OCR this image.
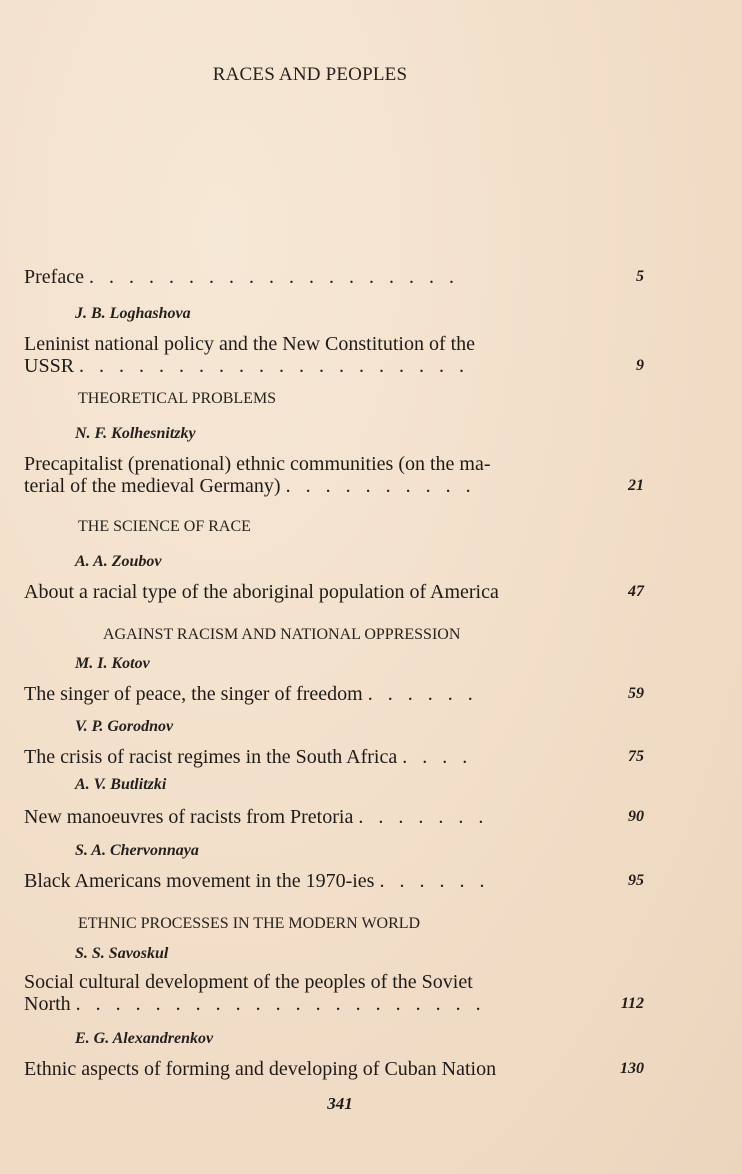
RACES AND PEOPLES
Preface . . . . . . . . . . . . . . . . . . .	5
J. B. Loghashova
Leninist national policy and the New Constitution of the
USSR . . . . . . . . . . . . . . . . . . . .	9
THEORETICAL PROBLEMS
N. F. Kolhesnitzky
Precapitalist (prenational) ethnic communities (on the ma-
terial of the medieval Germany) . . . . . . . . . .	21
THE SCIENCE OF RACE
A. A. Zoubov
About a racial type of the aboriginal population of America	47
AGAINST RACISM AND NATIONAL OPPRESSION
M. I. Kotov
The singer of peace, the singer of freedom . . . . . .	59
V. P. Gorodnov
The crisis of racist regimes in the South Africa . . . .	75
A. V. Butlitzki
New manoeuvres of racists from Pretoria . . . . . . .	90
S. A. Chervonnaya
Black Americans movement in the 1970-ies . . . . . .	95
ETHNIC PROCESSES IN THE MODERN WORLD
S. S. Savoskul
Social cultural development of the peoples of the Soviet
North . . . . . . . . . . . . . . . . . . . . .	112
E. G. Alexandrenkov
Ethnic aspects of forming and developing of Cuban Nation	130
341
